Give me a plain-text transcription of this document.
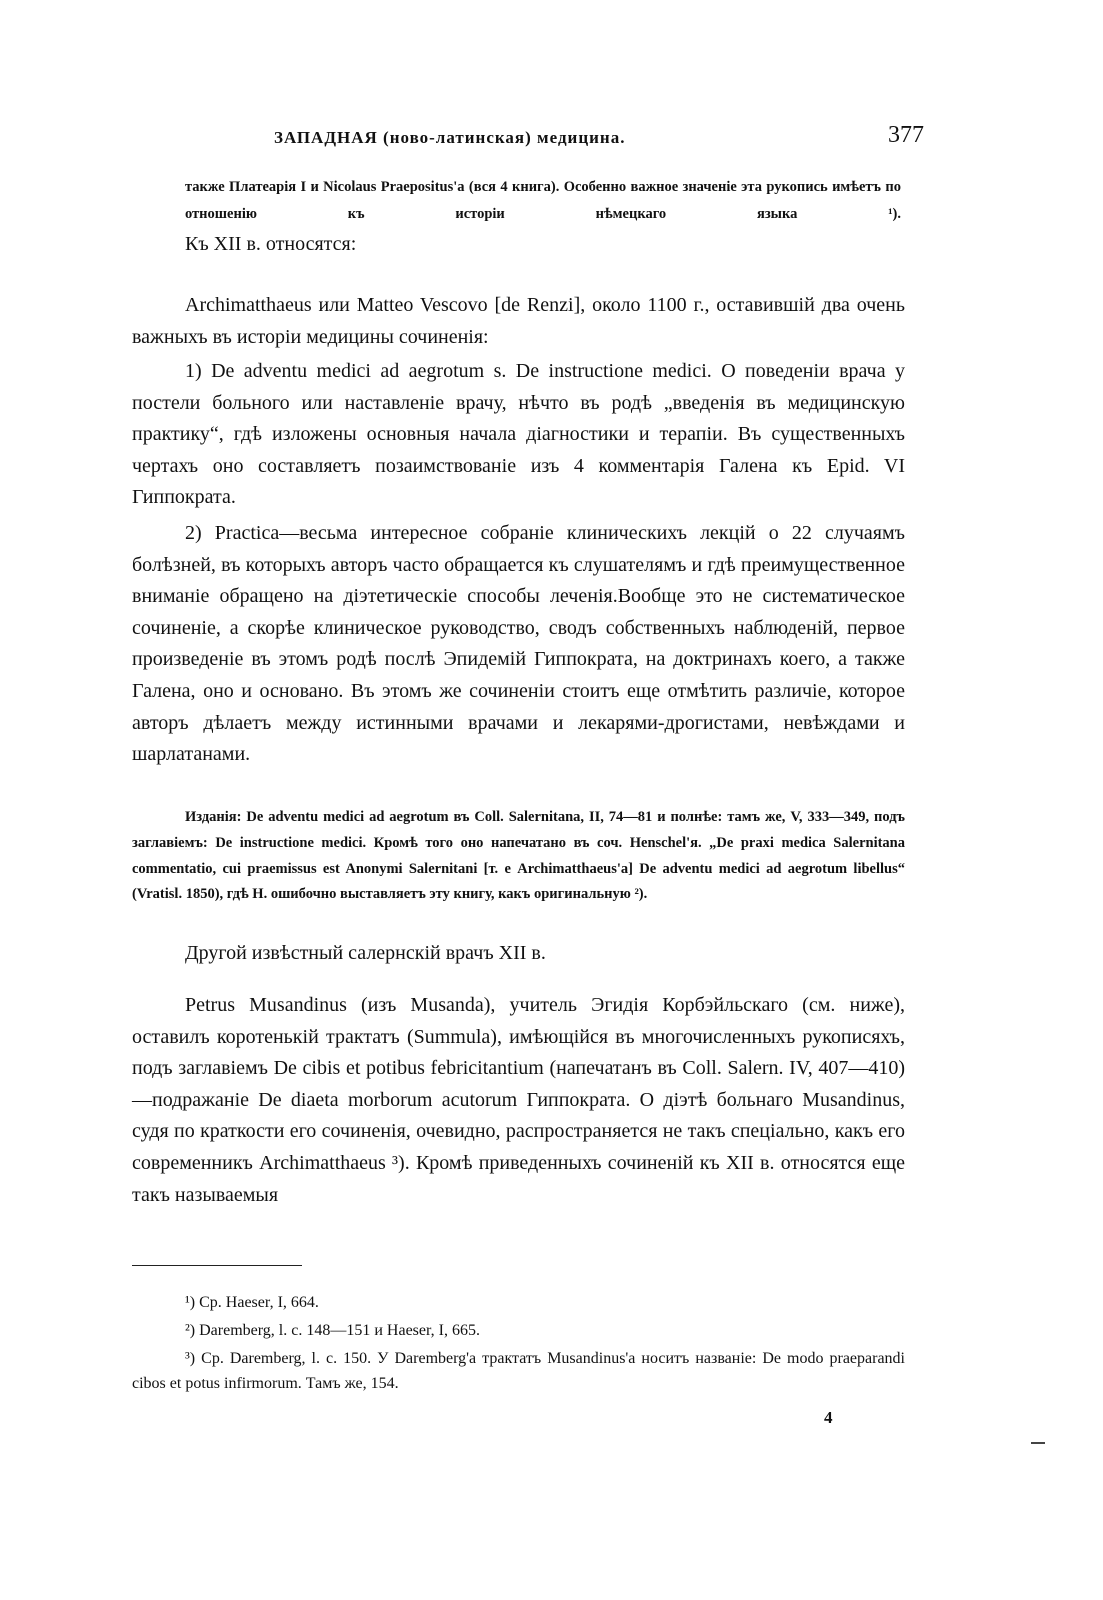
ЗАПАДНАЯ (ново-латинская) медицина.	377

также Платеарія I и Nicolaus Praepositus'a (вся 4 книга). Особенно важное значеніе эта рукопись имѣетъ по отношенію къ исторіи нѣмецкаго языка ¹).

Къ XII в. относятся:

Archimatthaeus или Matteo Vescovo [de Renzi], около 1100 г., оставившій два очень важныхъ въ исторіи медицины сочиненія:

1) De adventu medici ad aegrotum s. De instructione medici. О поведеніи врача у постели больного или наставленіе врачу, нѣчто въ родѣ „введенія въ медицинскую практику“, гдѣ изложены основныя начала діагностики и терапіи. Въ существенныхъ чертахъ оно составляетъ позаимствованіе изъ 4 комментарія Галена къ Epid. VI Гиппократа.

2) Practica—весьма интересное собраніе клиническихъ лекцій о 22 случаямъ болѣзней, въ которыхъ авторъ часто обращается къ слушателямъ и гдѣ преимущественное вниманіе обращено на діэтетическіе способы леченія.Вообще это не систематическое сочиненіе, а скорѣе клиническое руководство, сводъ собственныхъ наблюденій, первое произведеніе въ этомъ родѣ послѣ Эпидемій Гиппократа, на доктринахъ коего, а также Галена, оно и основано. Въ этомъ же сочиненіи стоитъ еще отмѣтить различіе, которое авторъ дѣлаетъ между истинными врачами и лекарями-дрогистами, невѣждами и шарлатанами.

Изданія: De adventu medici ad aegrotum въ Coll. Salernitana, II, 74—81 и полнѣе: тамъ же, V, 333—349, подъ заглавіемъ: De instructione medici. Кромѣ того оно напечатано въ соч. Henschel'я. „De praxi medica Salernitana commentatio, cui praemissus est Anonymi Salernitani [т. е Archimatthaeus'a] De adventu medici ad aegrotum libellus“ (Vratisl. 1850), гдѣ Н. ошибочно выставляетъ эту книгу, какъ оригинальную ²).

Другой извѣстный салернскій врачъ XII в.

Petrus Musandinus (изъ Musanda), учитель Эгидія Корбэйльскаго (см. ниже), оставилъ коротенькій трактатъ (Summula), имѣющійся въ многочисленныхъ рукописяхъ, подъ заглавіемъ De cibis et potibus febricitantium (напечатанъ въ Coll. Salern. IV, 407—410)—подражаніе De diaeta morborum acutorum Гиппократа. О діэтѣ больнаго Musandinus, судя по краткости его сочиненія, очевидно, распространяется не такъ спеціально, какъ его современникъ Archimatthaeus ³). Кромѣ приведенныхъ сочиненій къ XII в. относятся еще такъ называемыя

¹) Ср. Haeser, I, 664.

²) Daremberg, l. c. 148—151 и Haeser, I, 665.

³) Ср. Daremberg, l. c. 150. У Daremberg'a трактатъ Musandinus'a носитъ названіе: De modo praeparandi cibos et potus infirmorum. Тамъ же, 154.

4
